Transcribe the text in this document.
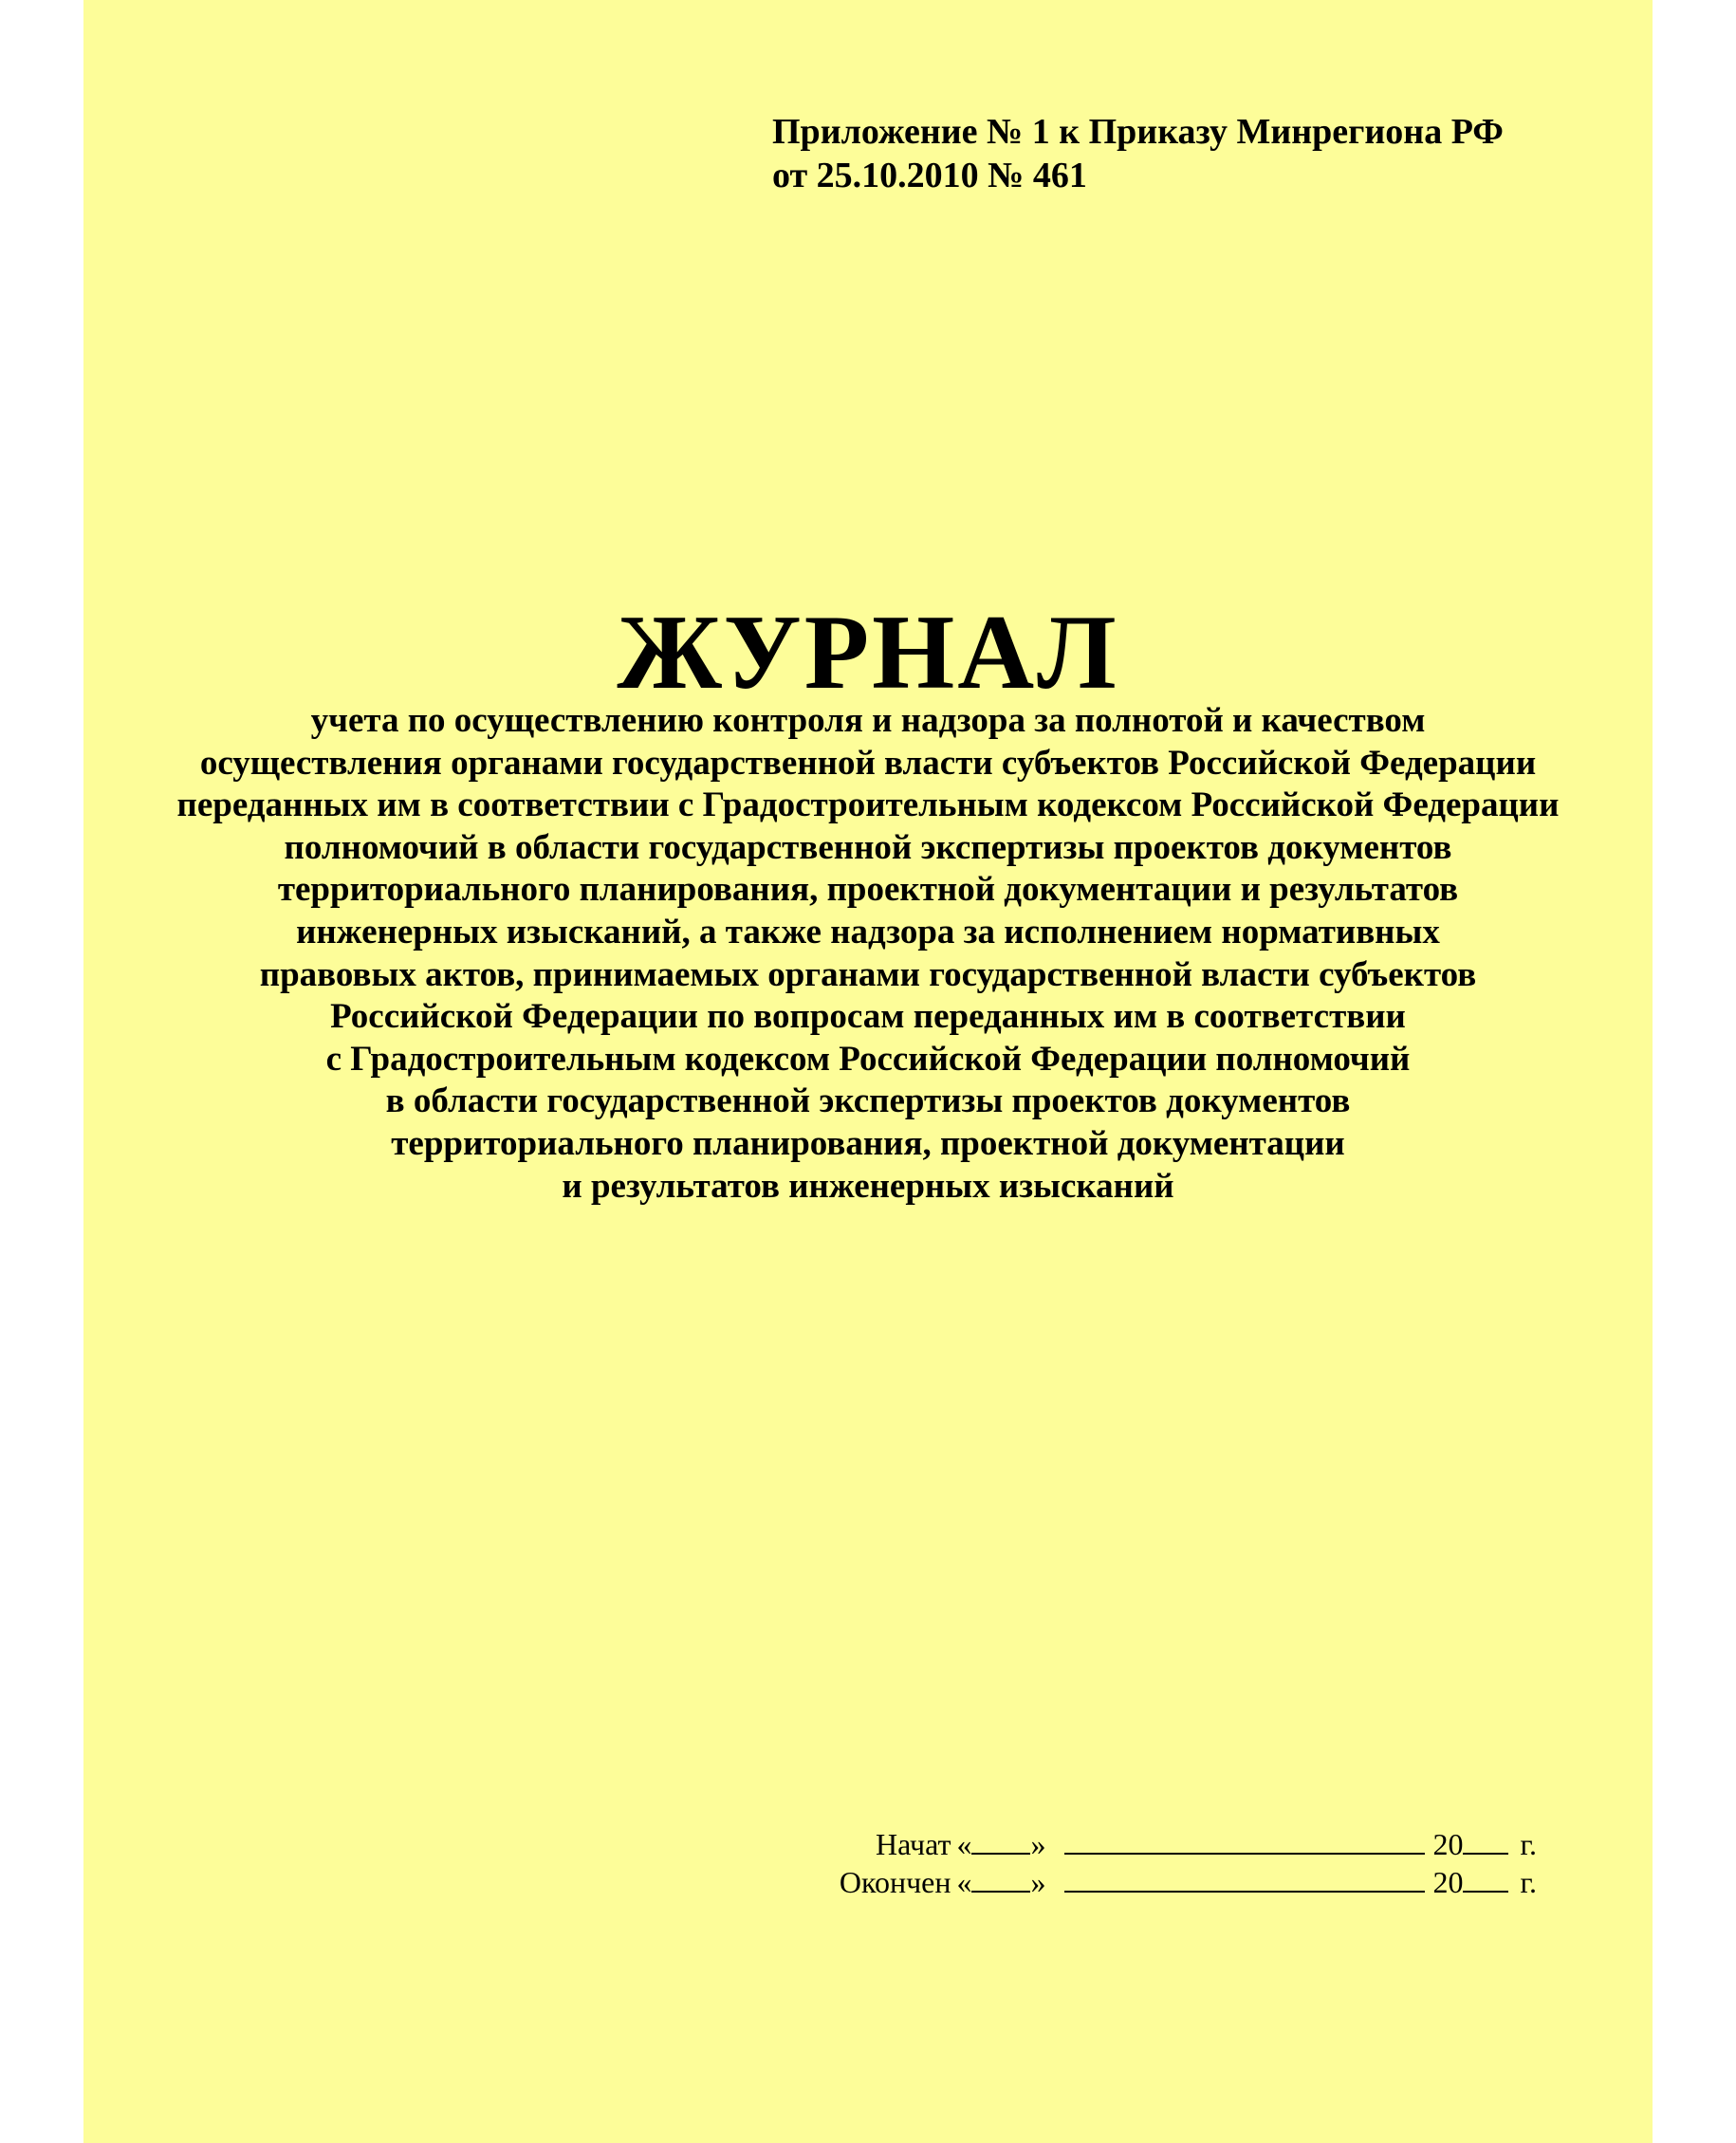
Приложение № 1 к Приказу Минрегиона РФ
от 25.10.2010 № 461
ЖУРНАЛ
учета по осуществлению контроля и надзора за полнотой и качеством
осуществления органами государственной власти субъектов Российской Федерации
переданных им в соответствии с Градостроительным кодексом Российской Федерации
полномочий в области государственной экспертизы проектов документов
территориального планирования, проектной документации и результатов
инженерных изысканий, а также надзора за исполнением нормативных
правовых актов, принимаемых органами государственной власти субъектов
Российской Федерации по вопросам переданных им в соответствии
с Градостроительным кодексом Российской Федерации полномочий
в области государственной экспертизы проектов документов
территориального планирования, проектной документации
и результатов инженерных изысканий
Начат « »	20 г.
Окончен « »	20 г.
